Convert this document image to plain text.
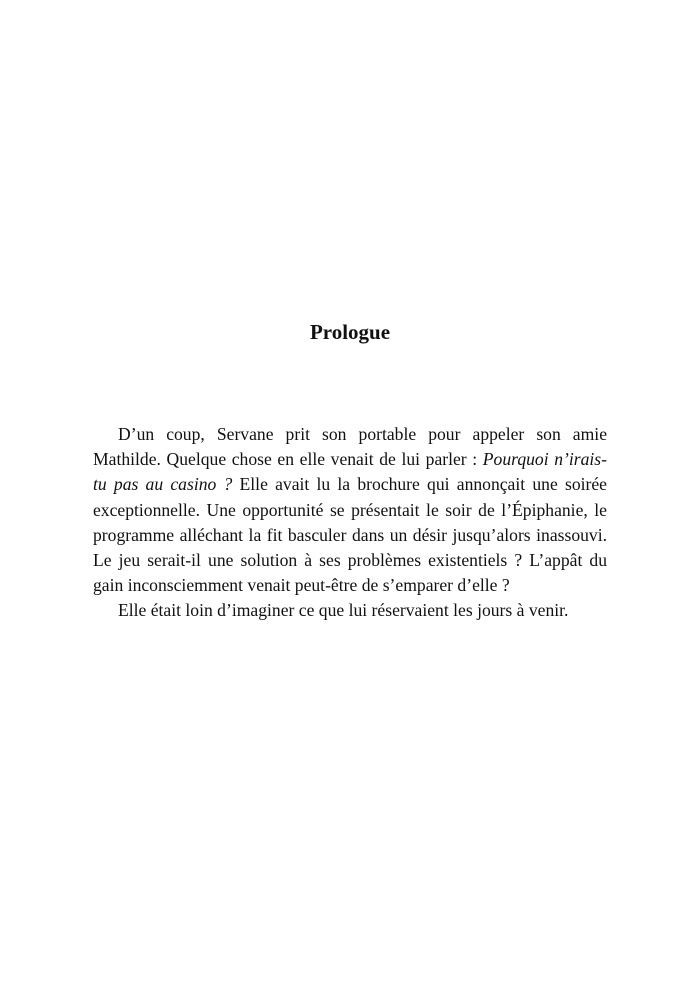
Prologue

D’un coup, Servane prit son portable pour appeler son amie Mathilde. Quelque chose en elle venait de lui parler : Pourquoi n’irais-tu pas au casino ? Elle avait lu la brochure qui annonçait une soirée exceptionnelle. Une opportunité se présentait le soir de l’Épiphanie, le programme alléchant la fit basculer dans un désir jusqu’alors inassouvi. Le jeu serait-il une solution à ses problèmes existentiels ? L’appât du gain inconsciemment venait peut-être de s’emparer d’elle ?

Elle était loin d’imaginer ce que lui réservaient les jours à venir.
